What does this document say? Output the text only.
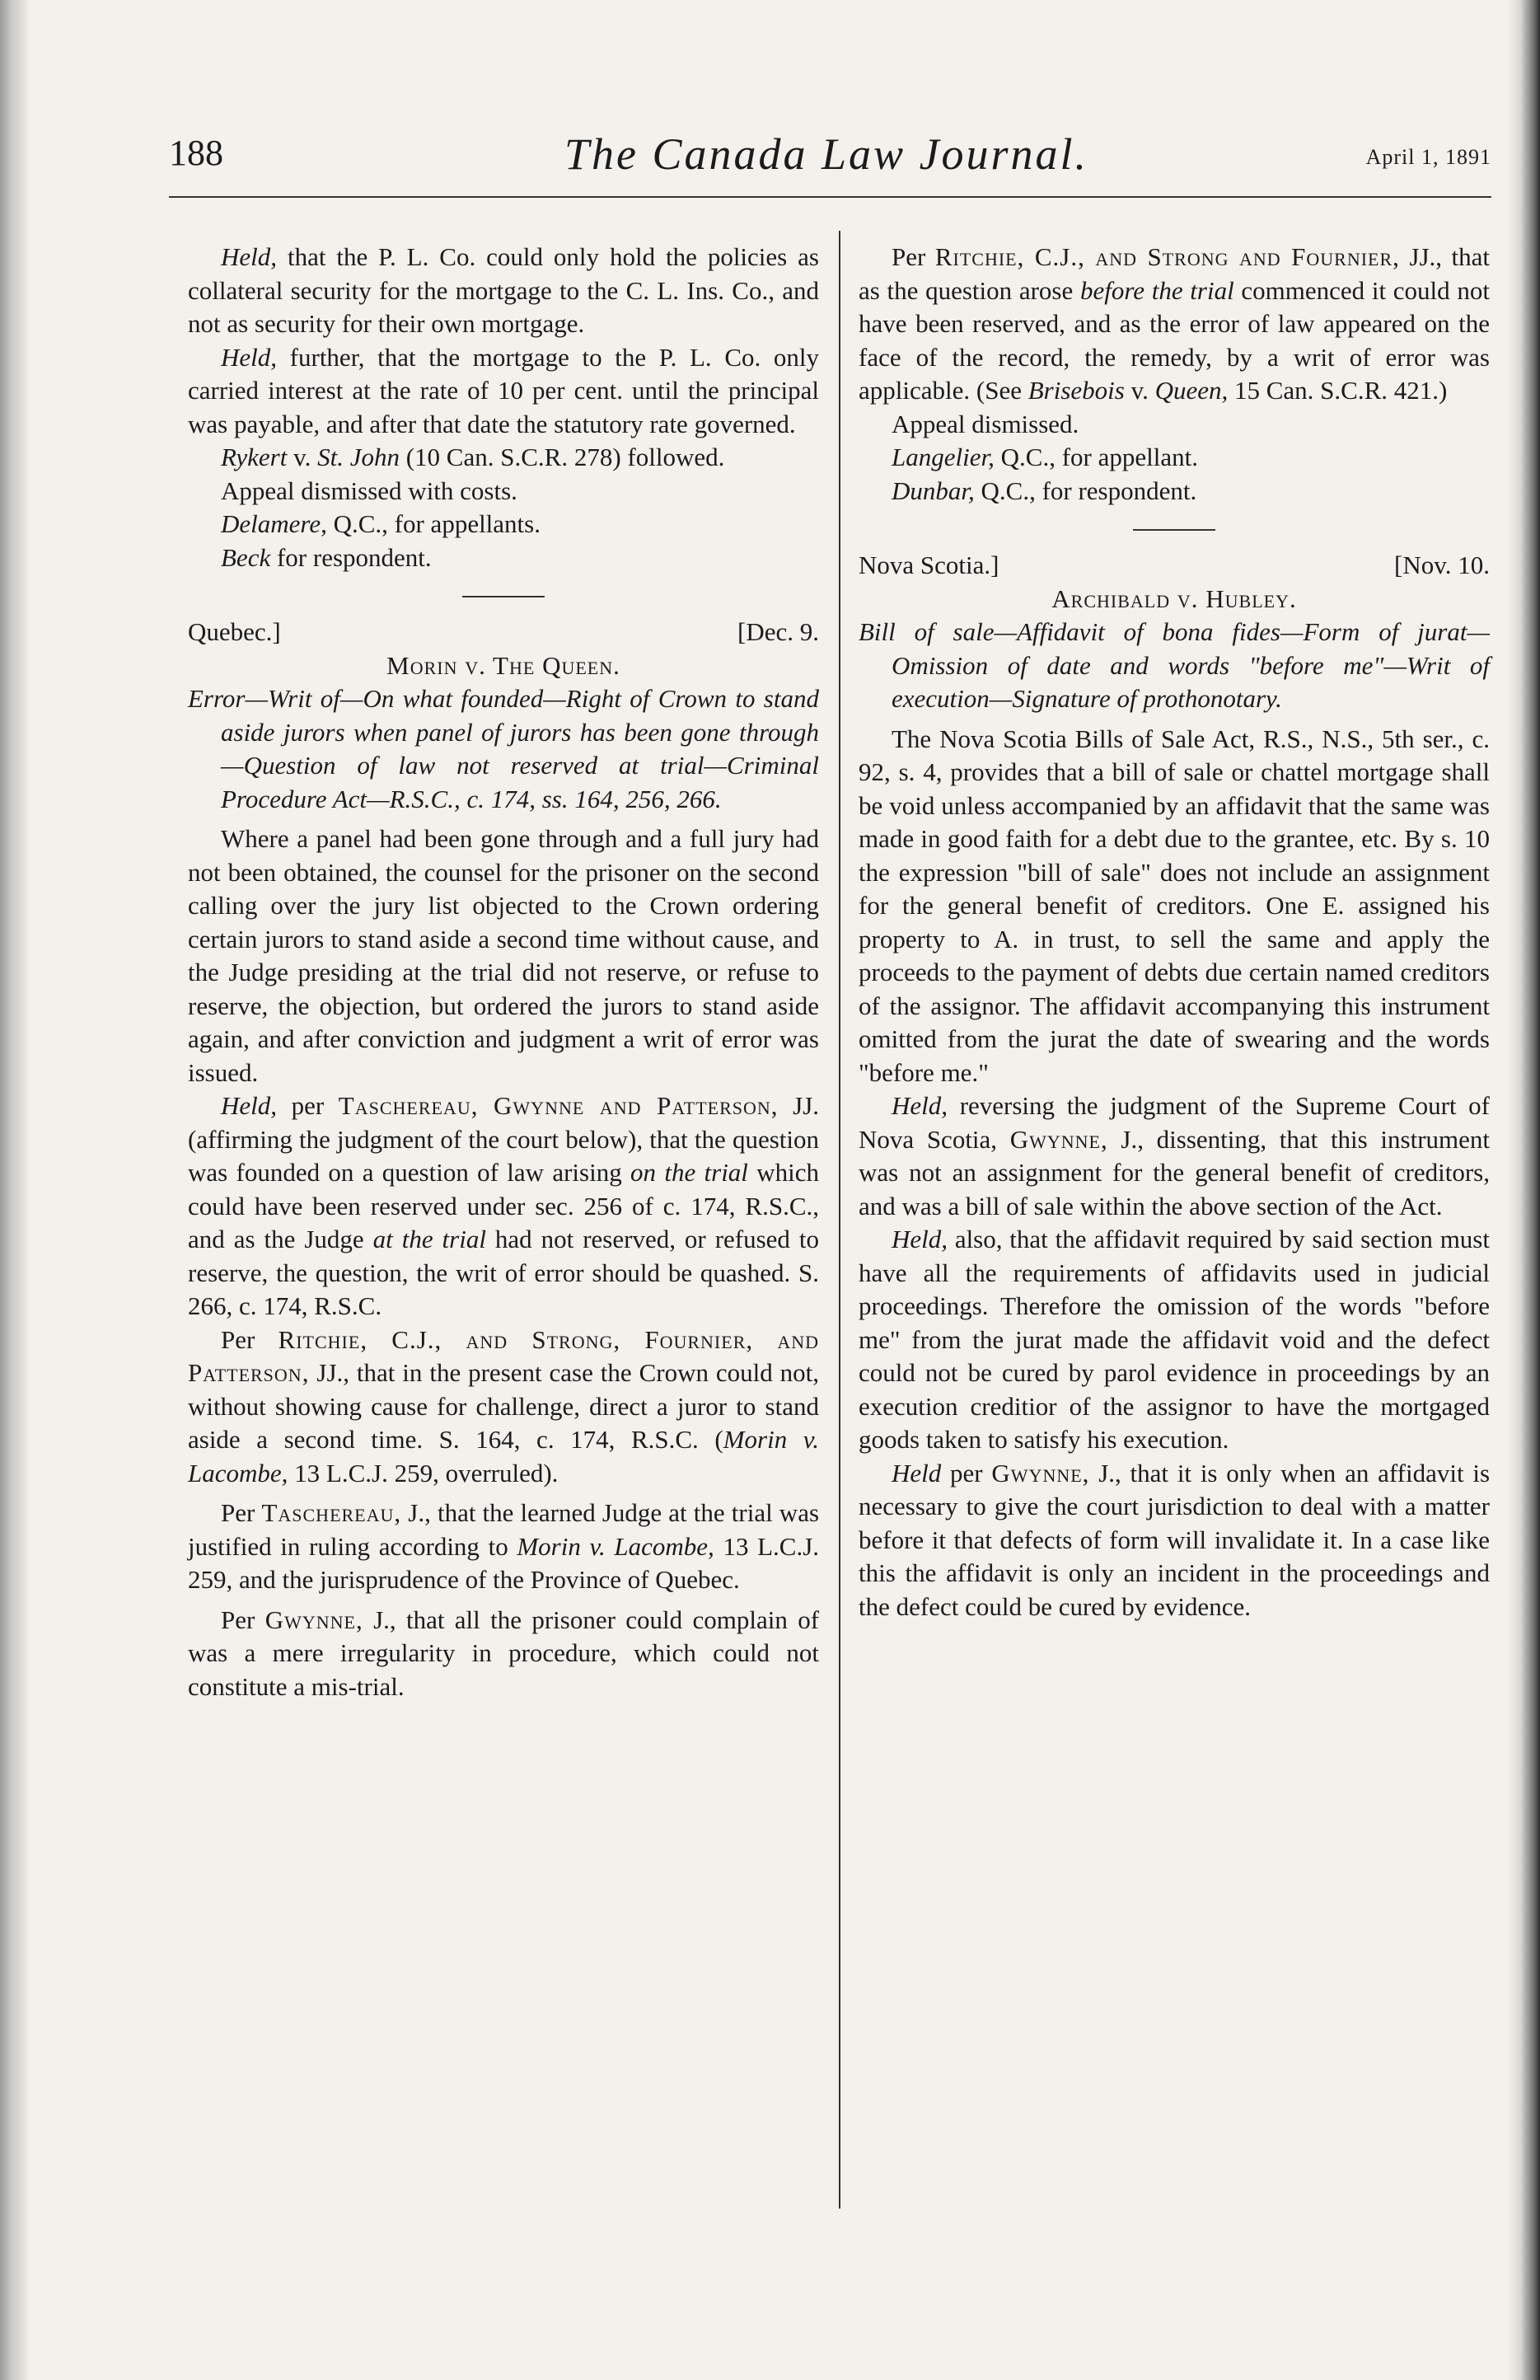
188	The Canada Law Journal.	April 1, 1891

Held, that the P. L. Co. could only hold the policies as collateral security for the mortgage to the C. L. Ins. Co., and not as security for their own mortgage.

Held, further, that the mortgage to the P. L. Co. only carried interest at the rate of 10 per cent. until the principal was payable, and after that date the statutory rate governed.

Rykert v. St. John (10 Can. S.C.R. 278) followed.

Appeal dismissed with costs.

Delamere, Q.C., for appellants.

Beck for respondent.

Quebec.]	[Dec. 9.

Morin v. The Queen.

Error—Writ of—On what founded—Right of Crown to stand aside jurors when panel of jurors has been gone through—Question of law not reserved at trial—Criminal Procedure Act—R.S.C., c. 174, ss. 164, 256, 266.

Where a panel had been gone through and a full jury had not been obtained, the counsel for the prisoner on the second calling over the jury list objected to the Crown ordering certain jurors to stand aside a second time without cause, and the Judge presiding at the trial did not reserve, or refuse to reserve, the objection, but ordered the jurors to stand aside again, and after conviction and judgment a writ of error was issued.

Held, per Taschereau, Gwynne and Patterson, JJ. (affirming the judgment of the court below), that the question was founded on a question of law arising on the trial which could have been reserved under sec. 256 of c. 174, R.S.C., and as the Judge at the trial had not reserved, or refused to reserve, the question, the writ of error should be quashed. S. 266, c. 174, R.S.C.

Per Ritchie, C.J., and Strong, Fournier, and Patterson, JJ., that in the present case the Crown could not, without showing cause for challenge, direct a juror to stand aside a second time. S. 164, c. 174, R.S.C. (Morin v. Lacombe, 13 L.C.J. 259, overruled).

Per Taschereau, J., that the learned Judge at the trial was justified in ruling according to Morin v. Lacombe, 13 L.C.J. 259, and the jurisprudence of the Province of Quebec.

Per Gwynne, J., that all the prisoner could complain of was a mere irregularity in procedure, which could not constitute a mis-trial.

Per Ritchie, C.J., and Strong and Fournier, JJ., that as the question arose before the trial commenced it could not have been reserved, and as the error of law appeared on the face of the record, the remedy, by a writ of error was applicable. (See Brisebois v. Queen, 15 Can. S.C.R. 421.)

Appeal dismissed.

Langelier, Q.C., for appellant.

Dunbar, Q.C., for respondent.

Nova Scotia.]	[Nov. 10.

Archibald v. Hubley.

Bill of sale—Affidavit of bona fides—Form of jurat—Omission of date and words "before me"—Writ of execution—Signature of prothonotary.

The Nova Scotia Bills of Sale Act, R.S., N.S., 5th ser., c. 92, s. 4, provides that a bill of sale or chattel mortgage shall be void unless accompanied by an affidavit that the same was made in good faith for a debt due to the grantee, etc. By s. 10 the expression "bill of sale" does not include an assignment for the general benefit of creditors. One E. assigned his property to A. in trust, to sell the same and apply the proceeds to the payment of debts due certain named creditors of the assignor. The affidavit accompanying this instrument omitted from the jurat the date of swearing and the words "before me."

Held, reversing the judgment of the Supreme Court of Nova Scotia, Gwynne, J., dissenting, that this instrument was not an assignment for the general benefit of creditors, and was a bill of sale within the above section of the Act.

Held, also, that the affidavit required by said section must have all the requirements of affidavits used in judicial proceedings. Therefore the omission of the words "before me" from the jurat made the affidavit void and the defect could not be cured by parol evidence in proceedings by an execution creditior of the assignor to have the mortgaged goods taken to satisfy his execution.

Held per Gwynne, J., that it is only when an affidavit is necessary to give the court jurisdiction to deal with a matter before it that defects of form will invalidate it. In a case like this the affidavit is only an incident in the proceedings and the defect could be cured by evidence.
